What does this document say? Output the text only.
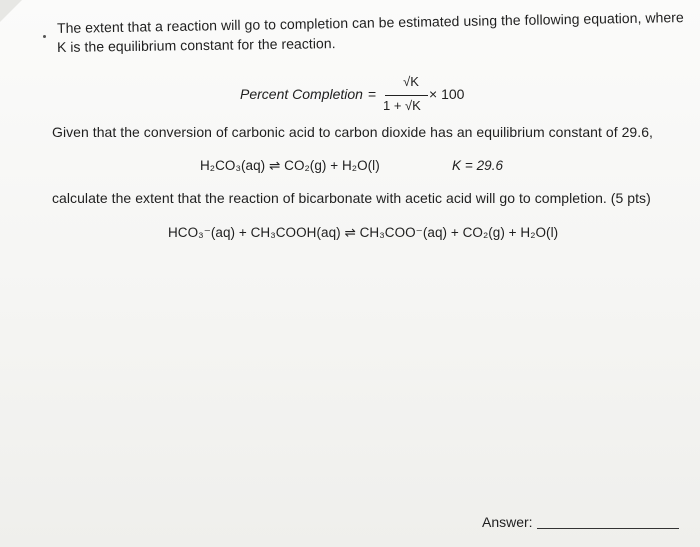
The extent that a reaction will go to completion can be estimated using the following equation, where
K is the equilibrium constant for the reaction.
Percent Completion =
√K
1 + √K
× 100
Given that the conversion of carbonic acid to carbon dioxide has an equilibrium constant of 29.6,
H₂CO₃(aq) ⇌ CO₂(g) + H₂O(l)	K = 29.6
calculate the extent that the reaction of bicarbonate with acetic acid will go to completion. (5 pts)
HCO₃⁻(aq) + CH₃COOH(aq) ⇌ CH₃COO⁻(aq) + CO₂(g) + H₂O(l)
Answer:
